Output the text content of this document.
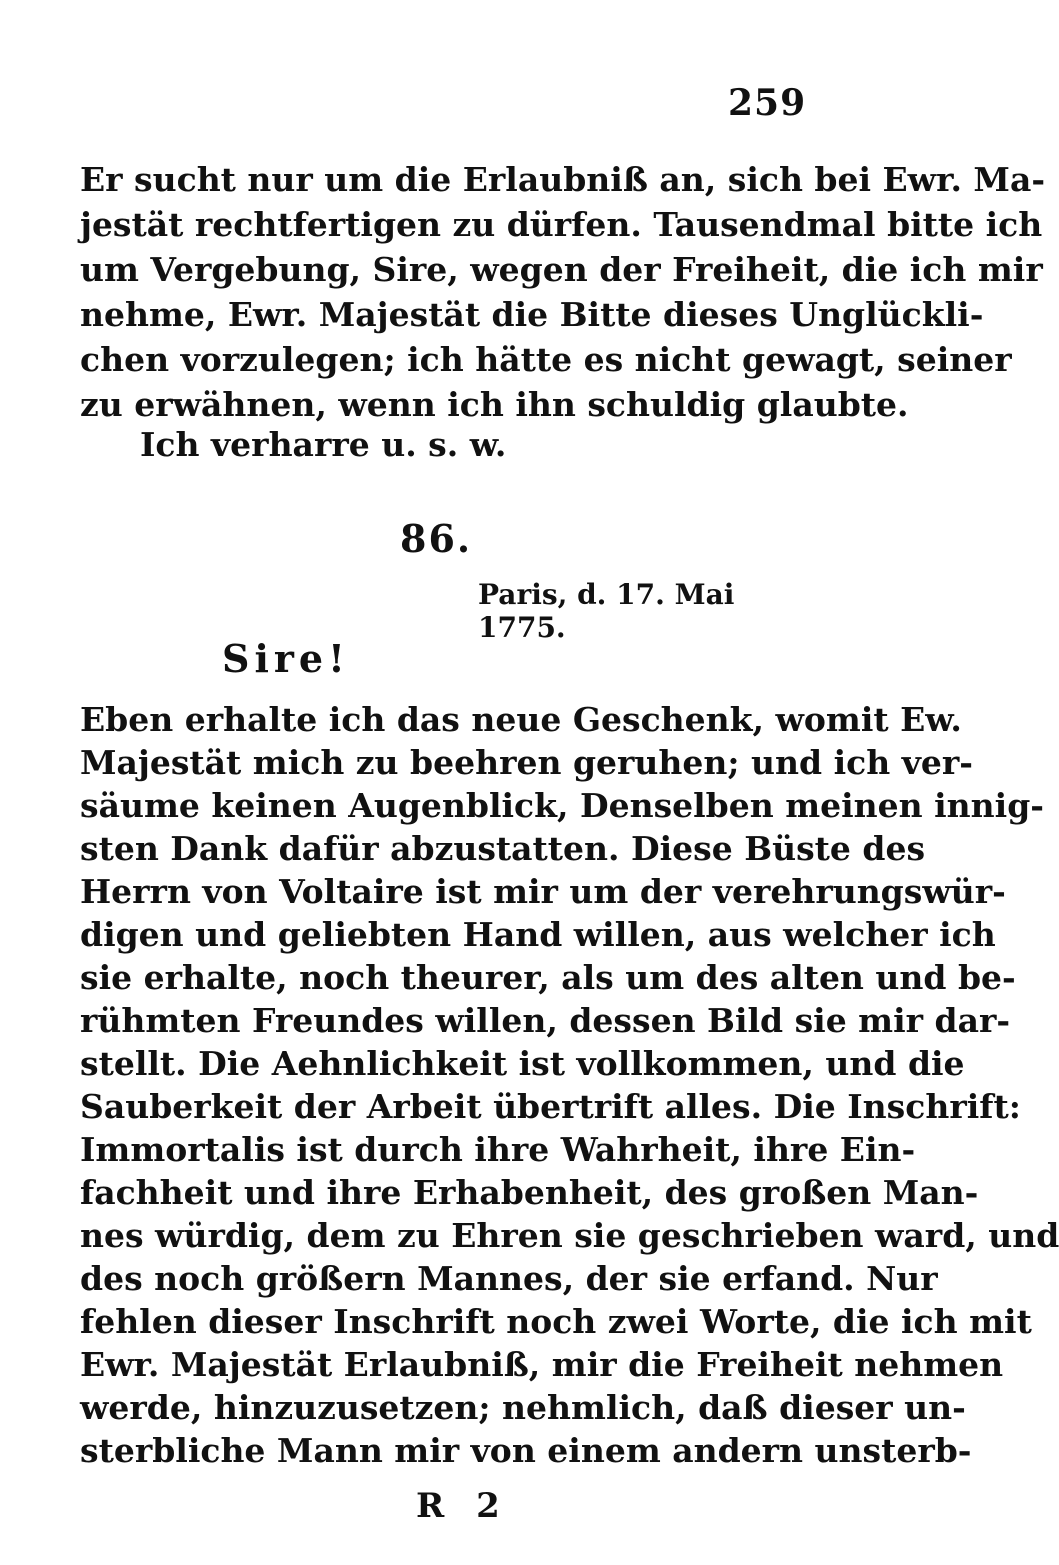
259
Er sucht nur um die Erlaubniß an, sich bei Ewr. Ma-
jestät rechtfertigen zu dürfen. Tausendmal bitte ich
um Vergebung, Sire, wegen der Freiheit, die ich mir
nehme, Ewr. Majestät die Bitte dieses Unglückli-
chen vorzulegen; ich hätte es nicht gewagt, seiner
zu erwähnen, wenn ich ihn schuldig glaubte.
Ich verharre u. s. w.
86.
Paris, d. 17. Mai 1775.
Sire!
Eben erhalte ich das neue Geschenk, womit Ew.
Majestät mich zu beehren geruhen; und ich ver-
säume keinen Augenblick, Denselben meinen innig-
sten Dank dafür abzustatten. Diese Büste des
Herrn von Voltaire ist mir um der verehrungswür-
digen und geliebten Hand willen, aus welcher ich
sie erhalte, noch theurer, als um des alten und be-
rühmten Freundes willen, dessen Bild sie mir dar-
stellt. Die Aehnlichkeit ist vollkommen, und die
Sauberkeit der Arbeit übertrift alles. Die Inschrift:
Immortalis ist durch ihre Wahrheit, ihre Ein-
fachheit und ihre Erhabenheit, des großen Man-
nes würdig, dem zu Ehren sie geschrieben ward, und
des noch größern Mannes, der sie erfand. Nur
fehlen dieser Inschrift noch zwei Worte, die ich mit
Ewr. Majestät Erlaubniß, mir die Freiheit nehmen
werde, hinzuzusetzen; nehmlich, daß dieser un-
sterbliche Mann mir von einem andern unsterb-
R 2
